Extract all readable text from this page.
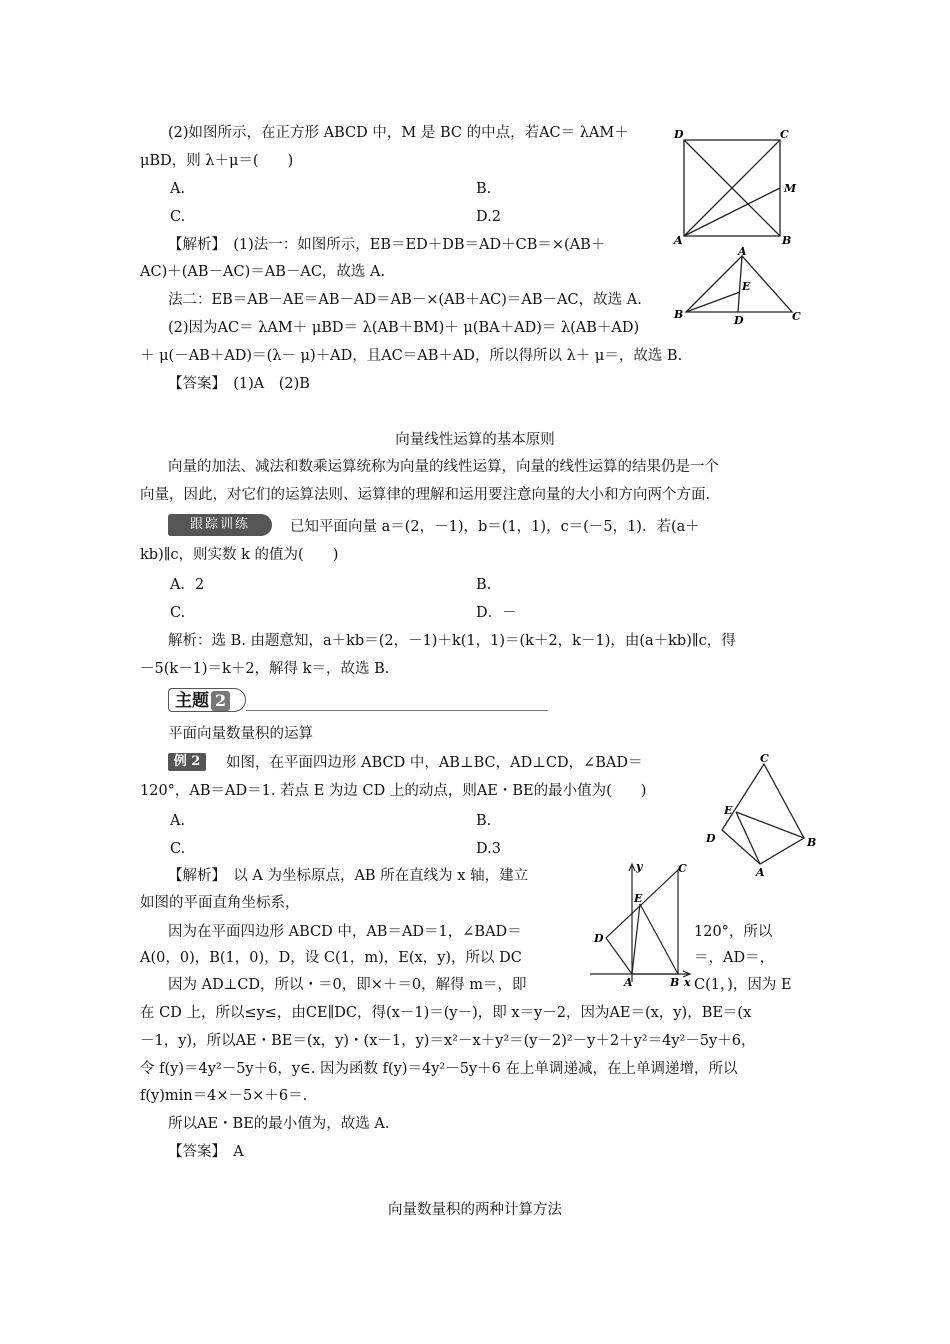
(2)如图所示，在正方形 ABCD 中，M 是 BC 的中点，若AC＝ λAM＋
μBD，则 λ＋μ＝(　　)
A.	B.
C.	D.2
【解析】　(1)法一：如图所示，EB＝ED＋DB＝AD＋CB＝×(AB＋
AC)＋(AB－AC)＝AB－AC，故选 A.
法二：EB＝AB－AE＝AB－AD＝AB－×(AB＋AC)＝AB－AC，故选 A.
(2)因为AC＝ λAM＋ μBD＝ λ(AB＋BM)＋ μ(BA＋AD)＝ λ(AB＋AD)
＋ μ(－AB＋AD)＝(λ－ μ)＋AD，且AC＝AB＋AD，所以得所以 λ＋ μ＝，故选 B.
【答案】　(1)A　(2)B
D	C
M
A	B
A
E
B	D	C
向量线性运算的基本原则
向量的加法、减法和数乘运算统称为向量的线性运算，向量的线性运算的结果仍是一个
向量，因此，对它们的运算法则、运算律的理解和运用要注意向量的大小和方向两个方面.
跟踪训练	已知平面向量 a＝(2，－1)，b＝(1，1)，c＝(－5，1)．若(a＋
kb)∥c，则实数 k 的值为(　　)
A．2	B.
C.	D．－
解析：选 B. 由题意知，a＋kb＝(2，－1)＋k(1，1)＝(k＋2，k－1)，由(a＋kb)∥c，得
－5(k－1)＝k＋2，解得 k＝，故选 B.
主题 2
平面向量数量积的运算
例 2	如图，在平面四边形 ABCD 中，AB⊥BC，AD⊥CD，∠BAD＝
120°，AB＝AD＝1. 若点 E 为边 CD 上的动点，则AE・BE的最小值为(　　)
A.	B.
C.	D.3
C
E
D	B
A
【解析】　以 A 为坐标原点，AB 所在直线为 x 轴，建立
如图的平面直角坐标系，
因为在平面四边形 ABCD 中，AB＝AD＝1，∠BAD＝	120°，所以
A(0，0)，B(1，0)，D，设 C(1，m)，E(x，y)，所以 DC	＝，AD＝，
因为 AD⊥CD，所以・＝0，即×＋＝0，解得 m＝，即	C(1，)，因为 E
在 CD 上，所以≤y≤，由CE∥DC，得(x－1)＝(y－)，即 x＝y－2，因为AE＝(x，y)，BE＝(x
－1，y)，所以AE・BE＝(x，y)・(x－1，y)＝x²－x＋y²＝(y－2)²－y＋2＋y²＝4y²－5y＋6，
令 f(y)＝4y²－5y＋6，y∈. 因为函数 f(y)＝4y²－5y＋6 在上单调递减，在上单调递增，所以
f(y)min＝4×－5×＋6＝.
所以AE・BE的最小值为，故选 A.
【答案】　A
y	C
E
D
A	B x
向量数量积的两种计算方法
